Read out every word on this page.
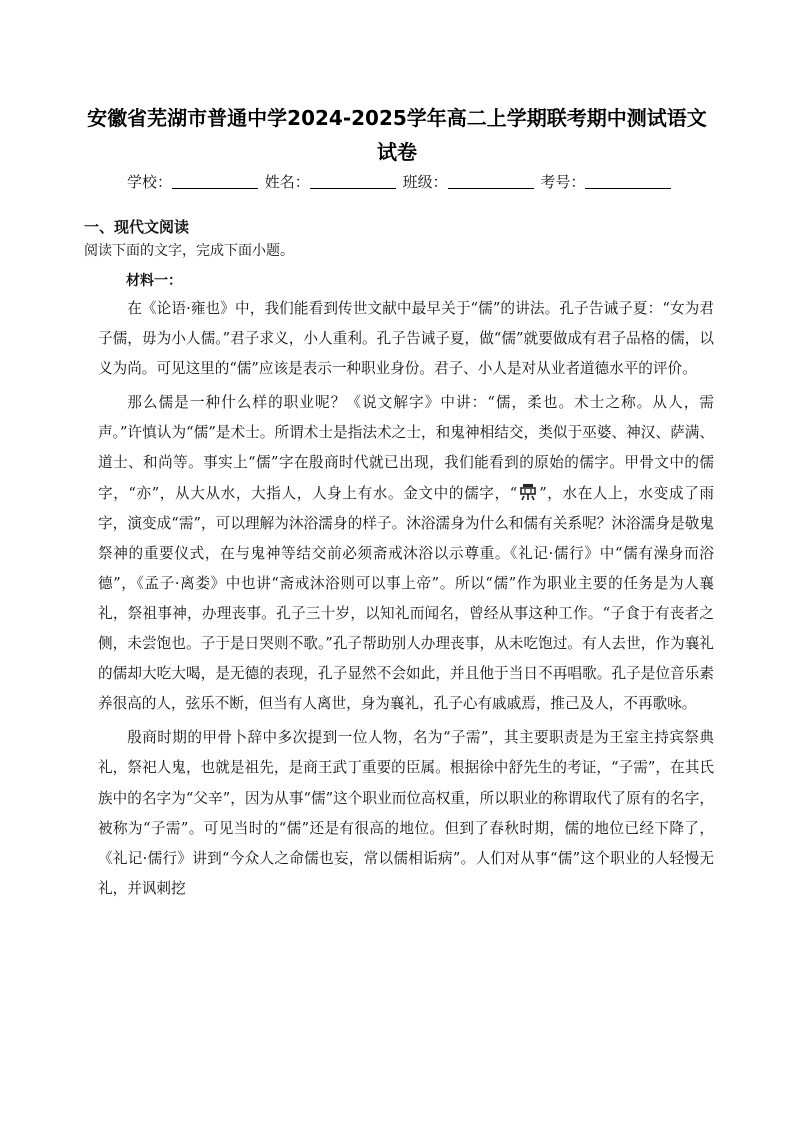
安徽省芜湖市普通中学2024-2025学年高二上学期联考期中测试语文
试卷
学校：	姓名：	班级：	考号：
一、现代文阅读
阅读下面的文字，完成下面小题。
材料一：

在《论语·雍也》中，我们能看到传世文献中最早关于“儒”的讲法。孔子告诫子夏：“女为君子儒，毋为小人儒。”君子求义，小人重利。孔子告诫子夏，做“儒”就要做成有君子品格的儒，以义为尚。可见这里的“儒”应该是表示一种职业身份。君子、小人是对从业者道德水平的评价。

那么儒是一种什么样的职业呢？《说文解字》中讲：“儒，柔也。术士之称。从人，需声。”许慎认为“儒”是术士。所谓术士是指法术之士，和鬼神相结交，类似于巫婆、神汉、萨满、道士、和尚等。事实上“儒”字在殷商时代就已出现，我们能看到的原始的儒字。甲骨文中的儒字，“亦”，从大从水，大指人，人身上有水。金文中的儒字，“ ”，水在人上，水变成了雨字，演变成“需”，可以理解为沐浴濡身的样子。沐浴濡身为什么和儒有关系呢？沐浴濡身是敬鬼祭神的重要仪式，在与鬼神等结交前必须斋戒沐浴以示尊重。《礼记·儒行》中“儒有澡身而浴德”，《孟子·离娄》中也讲“斋戒沐浴则可以事上帝”。所以“儒”作为职业主要的任务是为人襄礼，祭祖事神，办理丧事。孔子三十岁，以知礼而闻名，曾经从事这种工作。“子食于有丧者之侧，未尝饱也。子于是日哭则不歌。”孔子帮助别人办理丧事，从未吃饱过。有人去世，作为襄礼的儒却大吃大喝，是无德的表现，孔子显然不会如此，并且他于当日不再唱歌。孔子是位音乐素养很高的人，弦乐不断，但当有人离世，身为襄礼，孔子心有戚戚焉，推己及人，不再歌咏。

殷商时期的甲骨卜辞中多次提到一位人物，名为“子需”，其主要职责是为王室主持宾祭典礼，祭祀人鬼，也就是祖先，是商王武丁重要的臣属。根据徐中舒先生的考证，“子需”，在其氏族中的名字为“父辛”，因为从事“儒”这个职业而位高权重，所以职业的称谓取代了原有的名字，被称为“子需”。可见当时的“儒”还是有很高的地位。但到了春秋时期，儒的地位已经下降了，《礼记·儒行》讲到“今众人之命儒也妄，常以儒相诟病”。人们对从事“儒”这个职业的人轻慢无礼，并讽刺挖
